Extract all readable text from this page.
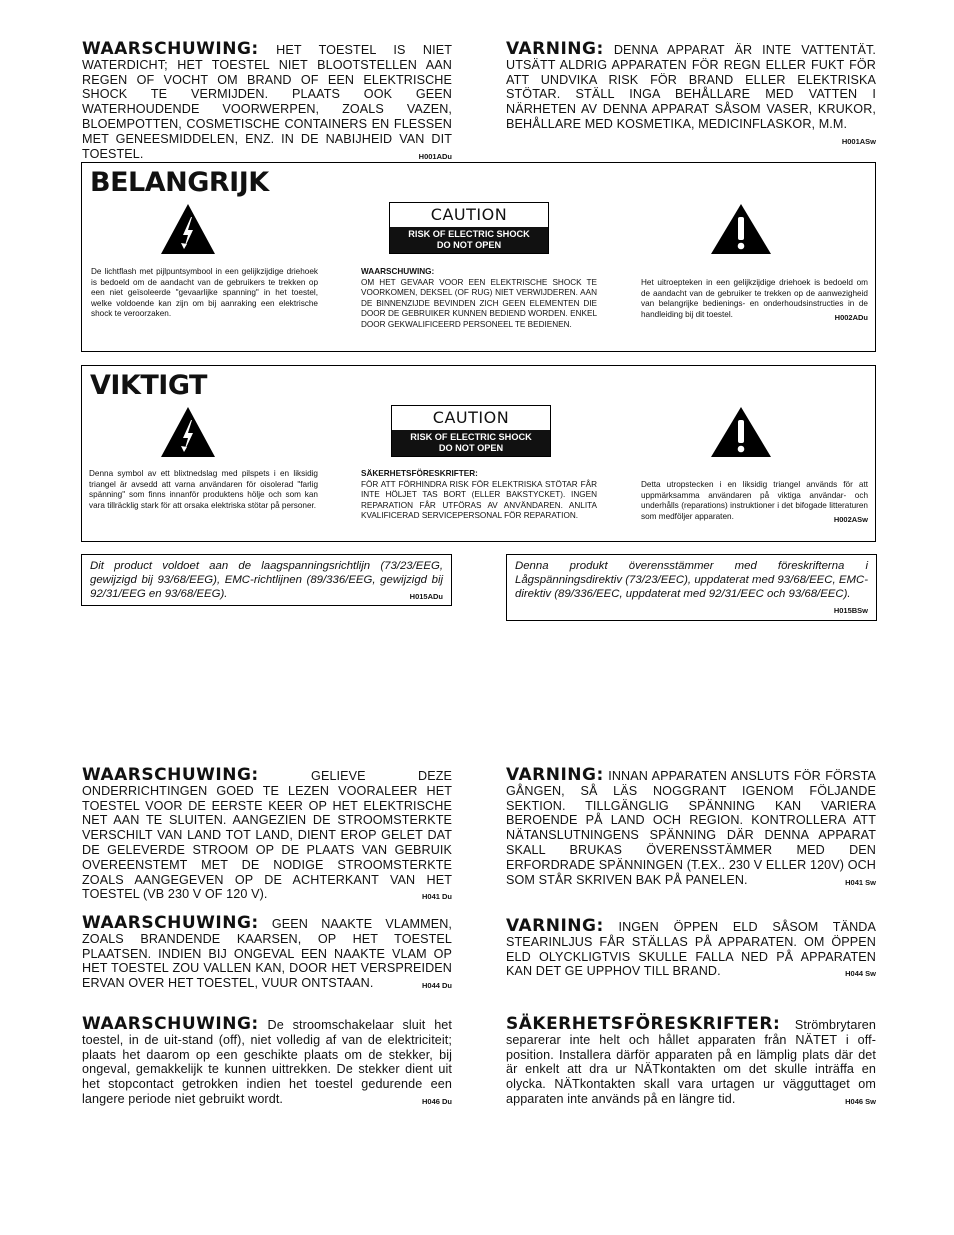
WAARSCHUWING: HET TOESTEL IS NIET WATERDICHT; HET TOESTEL NIET BLOOTSTELLEN AAN REGEN OF VOCHT OM BRAND OF EEN ELEKTRISCHE SHOCK TE VERMIJDEN. PLAATS OOK GEEN WATERHOUDENDE VOORWERPEN, ZOALS VAZEN, BLOEMPOTTEN, COSMETISCHE CONTAINERS EN FLESSEN MET GENEESMIDDELEN, ENZ. IN DE NABIJHEID VAN DIT TOESTEL.	H001ADu
VARNING: DENNA APPARAT ÄR INTE VATTENTÄT. UTSÄTT ALDRIG APPARATEN FÖR REGN ELLER FUKT FÖR ATT UNDVIKA RISK FÖR BRAND ELLER ELEKTRISKA STÖTAR. STÄLL INGA BEHÅLLARE MED VATTEN I NÄRHETEN AV DENNA APPARAT SÅSOM VASER, KRUKOR, BEHÅLLARE MED KOSMETIKA, MEDICINFLASKOR, M.M.
H001ASw
BELANGRIJK
CAUTION
RISK OF ELECTRIC SHOCK
DO NOT OPEN
De lichtflash met pijlpuntsymbool in een gelijkzijdige driehoek is bedoeld om de aandacht van de gebruikers te trekken op een niet geïsoleerde "gevaarlijke spanning" in het toestel, welke voldoende kan zijn om bij aanraking een elektrische shock te veroorzaken.
WAARSCHUWING:
OM HET GEVAAR VOOR EEN ELEKTRISCHE SHOCK TE VOORKOMEN, DEKSEL (OF RUG) NIET VERWIJDEREN. AAN DE BINNENZIJDE BEVINDEN ZICH GEEN ELEMENTEN DIE DOOR DE GEBRUIKER KUNNEN BEDIEND WORDEN. ENKEL DOOR GEKWALIFICEERD PERSONEEL TE BEDIENEN.
Het uitroepteken in een gelijkzijdige driehoek is bedoeld om de aandacht van de gebruiker te trekken op de aanwezigheid van belangrijke bedienings- en onderhoudsinstructies in de handleiding bij dit toestel.	H002ADu
VIKTIGT
CAUTION
RISK OF ELECTRIC SHOCK
DO NOT OPEN
Denna symbol av ett blixtnedslag med pilspets i en liksidig triangel är avsedd att varna användaren för oisolerad "farlig spänning" som finns innanför produktens hölje och som kan vara tillräcklig stark för att orsaka elektriska stötar på personer.
SÄKERHETSFÖRESKRIFTER:
FÖR ATT FÖRHINDRA RISK FÖR ELEKTRISKA STÖTAR FÅR INTE HÖLJET TAS BORT (ELLER BAKSTYCKET). INGEN REPARATION FÅR UTFÖRAS AV ANVÄNDAREN. ANLITA KVALIFICERAD SERVICEPERSONAL FÖR REPARATION.
Detta utropstecken i en liksidig triangel används för att uppmärksamma användaren på viktiga användar- och underhålls (reparations) instruktioner i det bifogade litteraturen som medföljer apparaten.	H002ASw
Dit product voldoet aan de laagspanningsrichtlijn (73/23/EEG, gewijzigd bij 93/68/EEG), EMC-richtlijnen (89/336/EEG, gewijzigd bij 92/31/EEG en 93/68/EEG).	H015ADu
Denna produkt överensstämmer med föreskrifterna i Lågspänningsdirektiv (73/23/EEC), uppdaterat med 93/68/EEC, EMC-direktiv (89/336/EEC, uppdaterat med 92/31/EEC och 93/68/EEC).
H015BSw
WAARSCHUWING: GELIEVE DEZE ONDERRICHTINGEN GOED TE LEZEN VOORALEER HET TOESTEL VOOR DE EERSTE KEER OP HET ELEKTRISCHE NET AAN TE SLUITEN. AANGEZIEN DE STROOMSTERKTE VERSCHILT VAN LAND TOT LAND, DIENT EROP GELET DAT DE GELEVERDE STROOM OP DE PLAATS VAN GEBRUIK OVEREENSTEMT MET DE NODIGE STROOMSTERKTE ZOALS AANGEGEVEN OP DE ACHTERKANT VAN HET TOESTEL (VB 230 V OF 120 V).	H041 Du
WAARSCHUWING: GEEN NAAKTE VLAMMEN, ZOALS BRANDENDE KAARSEN, OP HET TOESTEL PLAATSEN. INDIEN BIJ ONGEVAL EEN NAAKTE VLAM OP HET TOESTEL ZOU VALLEN KAN, DOOR HET VERSPREIDEN ERVAN OVER HET TOESTEL, VUUR ONTSTAAN.	H044 Du
WAARSCHUWING: De stroomschakelaar sluit het toestel, in de uit-stand (off), niet volledig af van de elektriciteit; plaats het daarom op een geschikte plaats om de stekker, bij ongeval, gemakkelijk te kunnen uittrekken. De stekker dient uit het stopcontact getrokken indien het toestel gedurende een langere periode niet gebruikt wordt.	H046 Du
VARNING: INNAN APPARATEN ANSLUTS FÖR FÖRSTA GÅNGEN, SÅ LÄS NOGGRANT IGENOM FÖLJANDE SEKTION. TILLGÄNGLIG SPÄNNING KAN VARIERA BEROENDE PÅ LAND OCH REGION. KONTROLLERA ATT NÄTANSLUTNINGENS SPÄNNING DÄR DENNA APPARAT SKALL BRUKAS ÖVERENSSTÄMMER MED DEN ERFORDRADE SPÄNNINGEN (T.EX.. 230 V ELLER 120V) OCH SOM STÅR SKRIVEN BAK PÅ PANELEN.	H041 Sw
VARNING: INGEN ÖPPEN ELD SÅSOM TÄNDA STEARINLJUS FÅR STÄLLAS PÅ APPARATEN. OM ÖPPEN ELD OLYCKLIGTVIS SKULLE FALLA NED PÅ APPARATEN KAN DET GE UPPHOV TILL BRAND.	H044 Sw
SÄKERHETSFÖRESKRIFTER: Strömbrytaren separerar inte helt och hållet apparaten från NÄTET i off-position. Installera därför apparaten på en lämplig plats där det är enkelt att dra ur NÄTkontakten om det skulle inträffa en olycka. NÄTkontakten skall vara urtagen ur vägguttaget om apparaten inte används på en längre tid.	H046 Sw
